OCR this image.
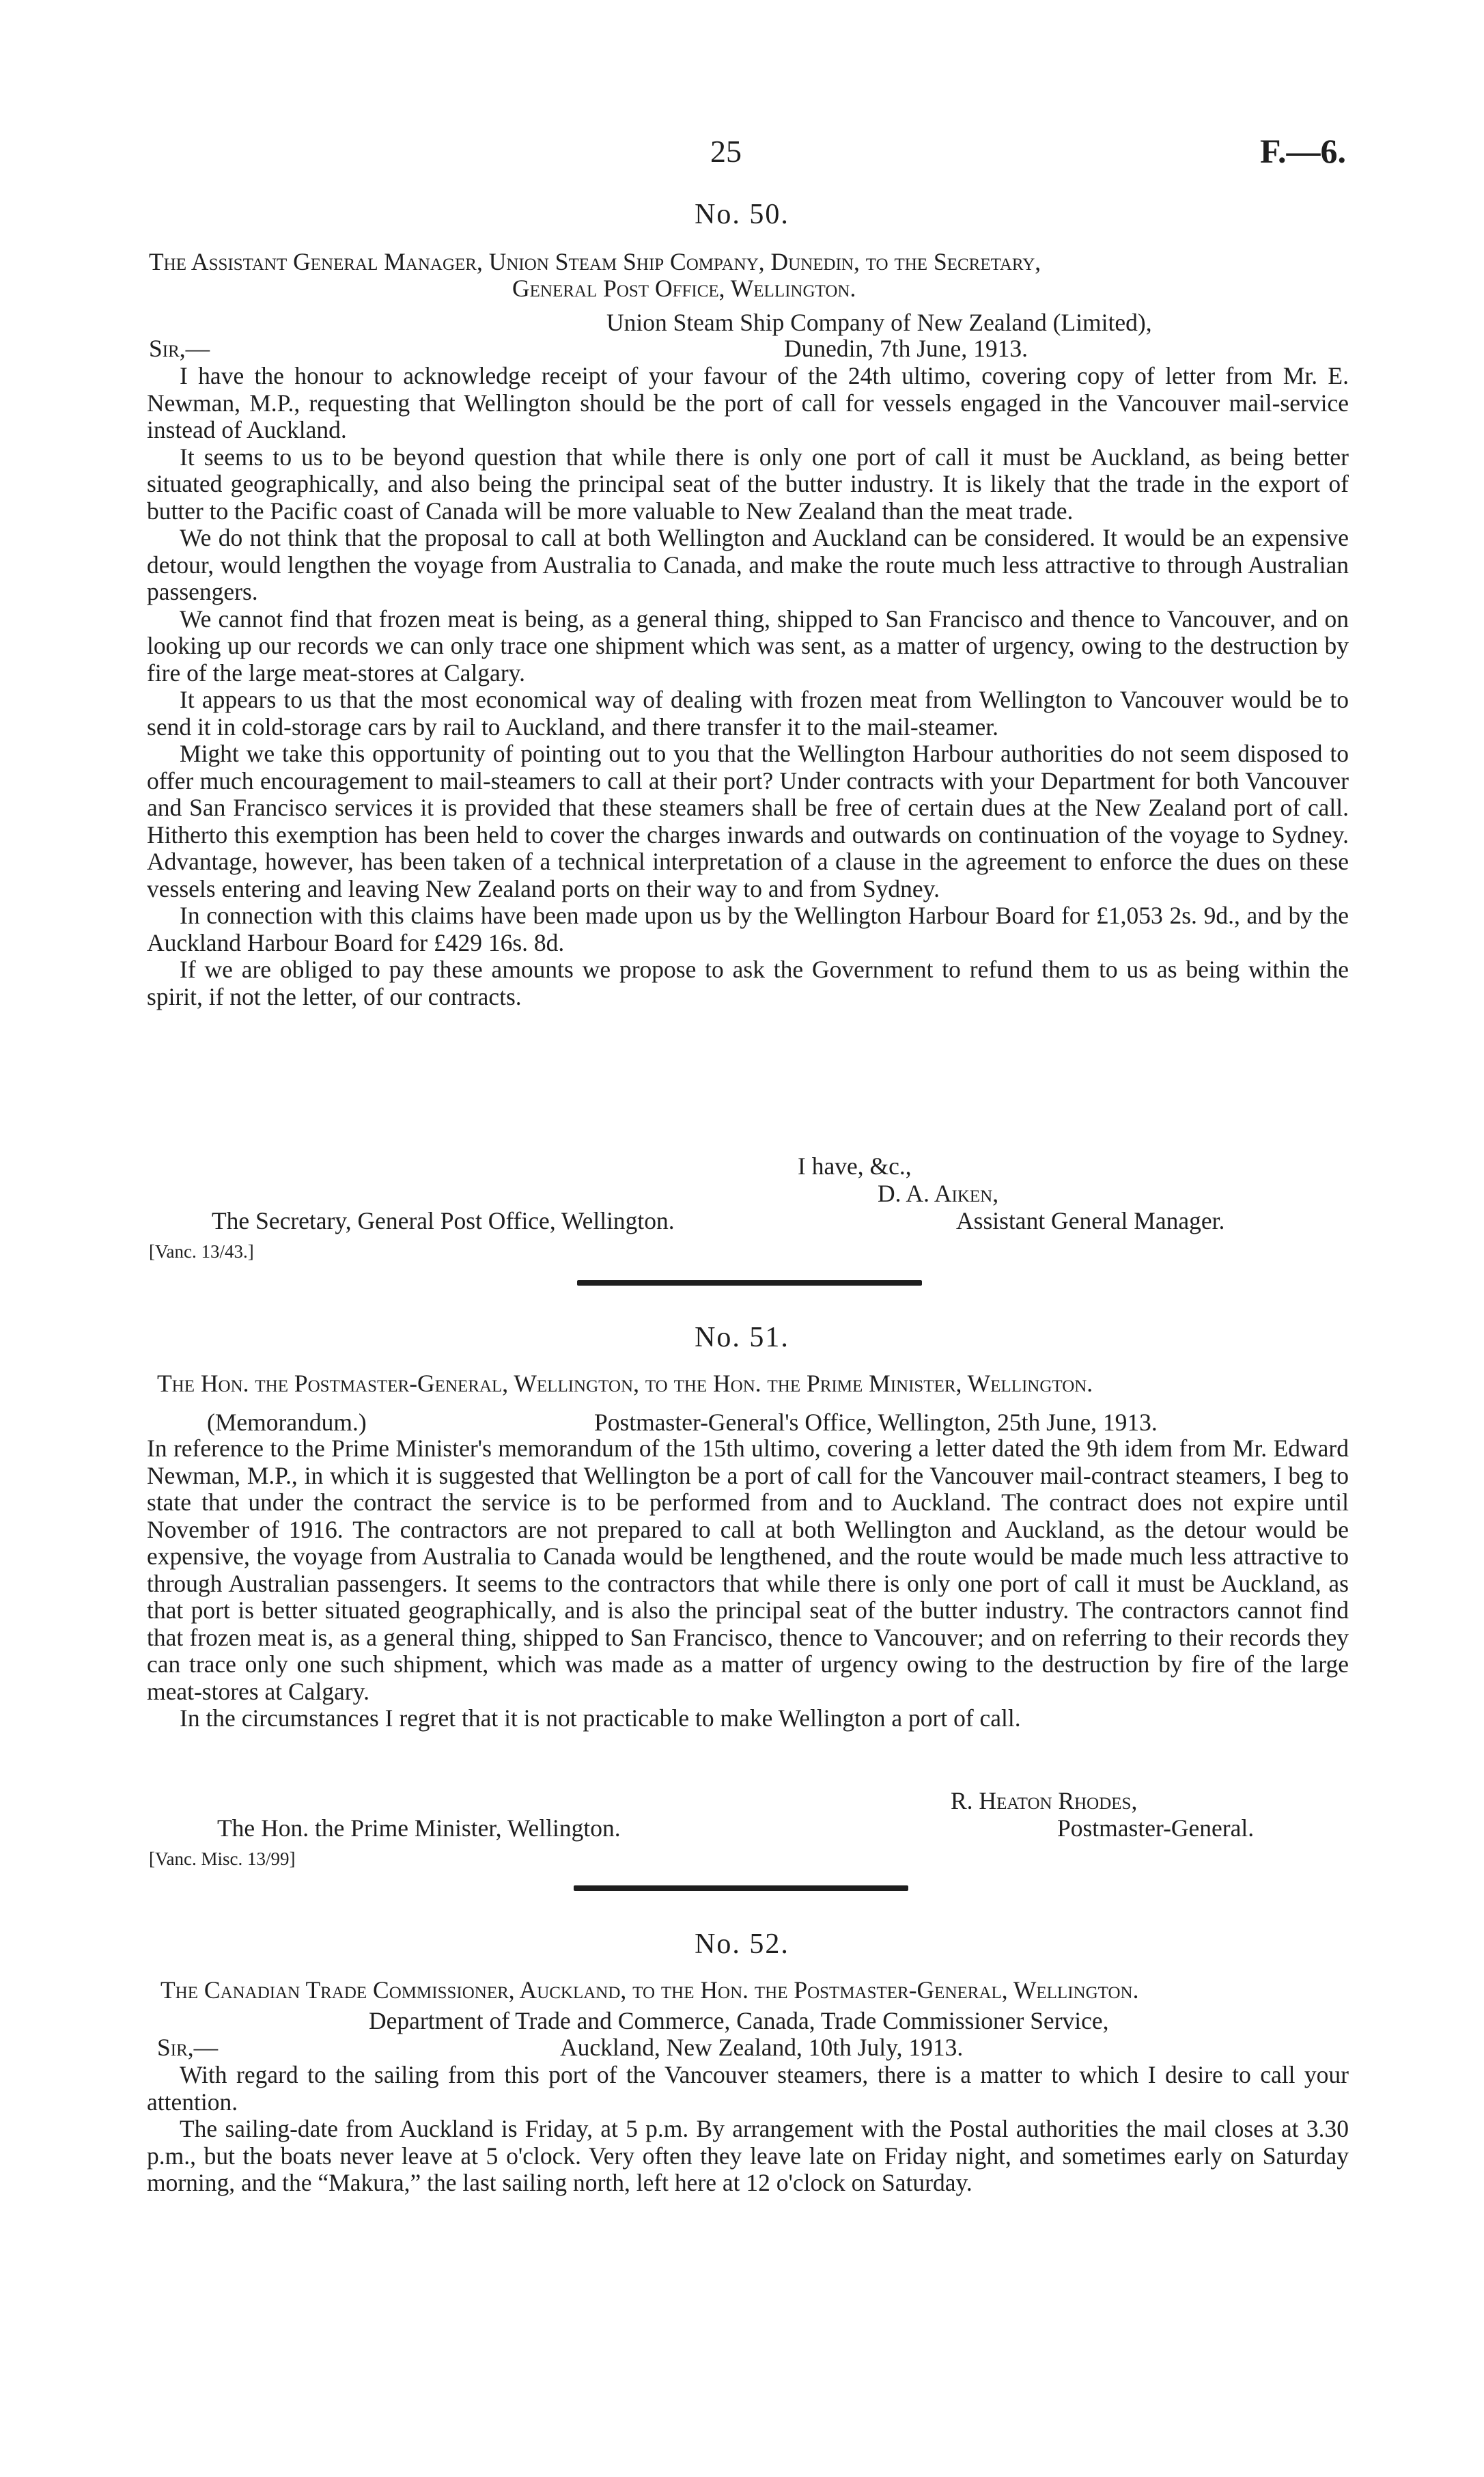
25	F.—6.
No. 50.
The Assistant General Manager, Union Steam Ship Company, Dunedin, to the Secretary,
General Post Office, Wellington.
Union Steam Ship Company of New Zealand (Limited),
Sir,—	Dunedin, 7th June, 1913.

I have the honour to acknowledge receipt of your favour of the 24th ultimo, covering copy of letter from Mr. E. Newman, M.P., requesting that Wellington should be the port of call for vessels engaged in the Vancouver mail-service instead of Auckland.

It seems to us to be beyond question that while there is only one port of call it must be Auckland, as being better situated geographically, and also being the principal seat of the butter industry. It is likely that the trade in the export of butter to the Pacific coast of Canada will be more valuable to New Zealand than the meat trade.

We do not think that the proposal to call at both Wellington and Auckland can be considered. It would be an expensive detour, would lengthen the voyage from Australia to Canada, and make the route much less attractive to through Australian passengers.

We cannot find that frozen meat is being, as a general thing, shipped to San Francisco and thence to Vancouver, and on looking up our records we can only trace one shipment which was sent, as a matter of urgency, owing to the destruction by fire of the large meat-stores at Calgary.

It appears to us that the most economical way of dealing with frozen meat from Wellington to Vancouver would be to send it in cold-storage cars by rail to Auckland, and there transfer it to the mail-steamer.

Might we take this opportunity of pointing out to you that the Wellington Harbour authorities do not seem disposed to offer much encouragement to mail-steamers to call at their port? Under contracts with your Department for both Vancouver and San Francisco services it is provided that these steamers shall be free of certain dues at the New Zealand port of call. Hitherto this exemption has been held to cover the charges inwards and outwards on continuation of the voyage to Sydney. Advantage, however, has been taken of a technical interpretation of a clause in the agreement to enforce the dues on these vessels entering and leaving New Zealand ports on their way to and from Sydney.

In connection with this claims have been made upon us by the Wellington Harbour Board for £1,053 2s. 9d., and by the Auckland Harbour Board for £429 16s. 8d.

If we are obliged to pay these amounts we propose to ask the Government to refund them to us as being within the spirit, if not the letter, of our contracts.

I have, &c.,
D. A. Aiken,
The Secretary, General Post Office, Wellington.	Assistant General Manager.
[Vanc. 13/43.]
No. 51.
The Hon. the Postmaster-General, Wellington, to the Hon. the Prime Minister, Wellington.
(Memorandum.)	Postmaster-General's Office, Wellington, 25th June, 1913.

In reference to the Prime Minister's memorandum of the 15th ultimo, covering a letter dated the 9th idem from Mr. Edward Newman, M.P., in which it is suggested that Wellington be a port of call for the Vancouver mail-contract steamers, I beg to state that under the contract the service is to be performed from and to Auckland. The contract does not expire until November of 1916. The contractors are not prepared to call at both Wellington and Auckland, as the detour would be expensive, the voyage from Australia to Canada would be lengthened, and the route would be made much less attractive to through Australian passengers. It seems to the contractors that while there is only one port of call it must be Auckland, as that port is better situated geographically, and is also the principal seat of the butter industry. The contractors cannot find that frozen meat is, as a general thing, shipped to San Francisco, thence to Vancouver; and on referring to their records they can trace only one such shipment, which was made as a matter of urgency owing to the destruction by fire of the large meat-stores at Calgary.

In the circumstances I regret that it is not practicable to make Wellington a port of call.

R. Heaton Rhodes,
The Hon. the Prime Minister, Wellington.	Postmaster-General.
[Vanc. Misc. 13/99]
No. 52.
The Canadian Trade Commissioner, Auckland, to the Hon. the Postmaster-General, Wellington.
Department of Trade and Commerce, Canada, Trade Commissioner Service,
Sir,—	Auckland, New Zealand, 10th July, 1913.

With regard to the sailing from this port of the Vancouver steamers, there is a matter to which I desire to call your attention.

The sailing-date from Auckland is Friday, at 5 p.m. By arrangement with the Postal authorities the mail closes at 3.30 p.m., but the boats never leave at 5 o'clock. Very often they leave late on Friday night, and sometimes early on Saturday morning, and the “Makura,” the last sailing north, left here at 12 o'clock on Saturday.
